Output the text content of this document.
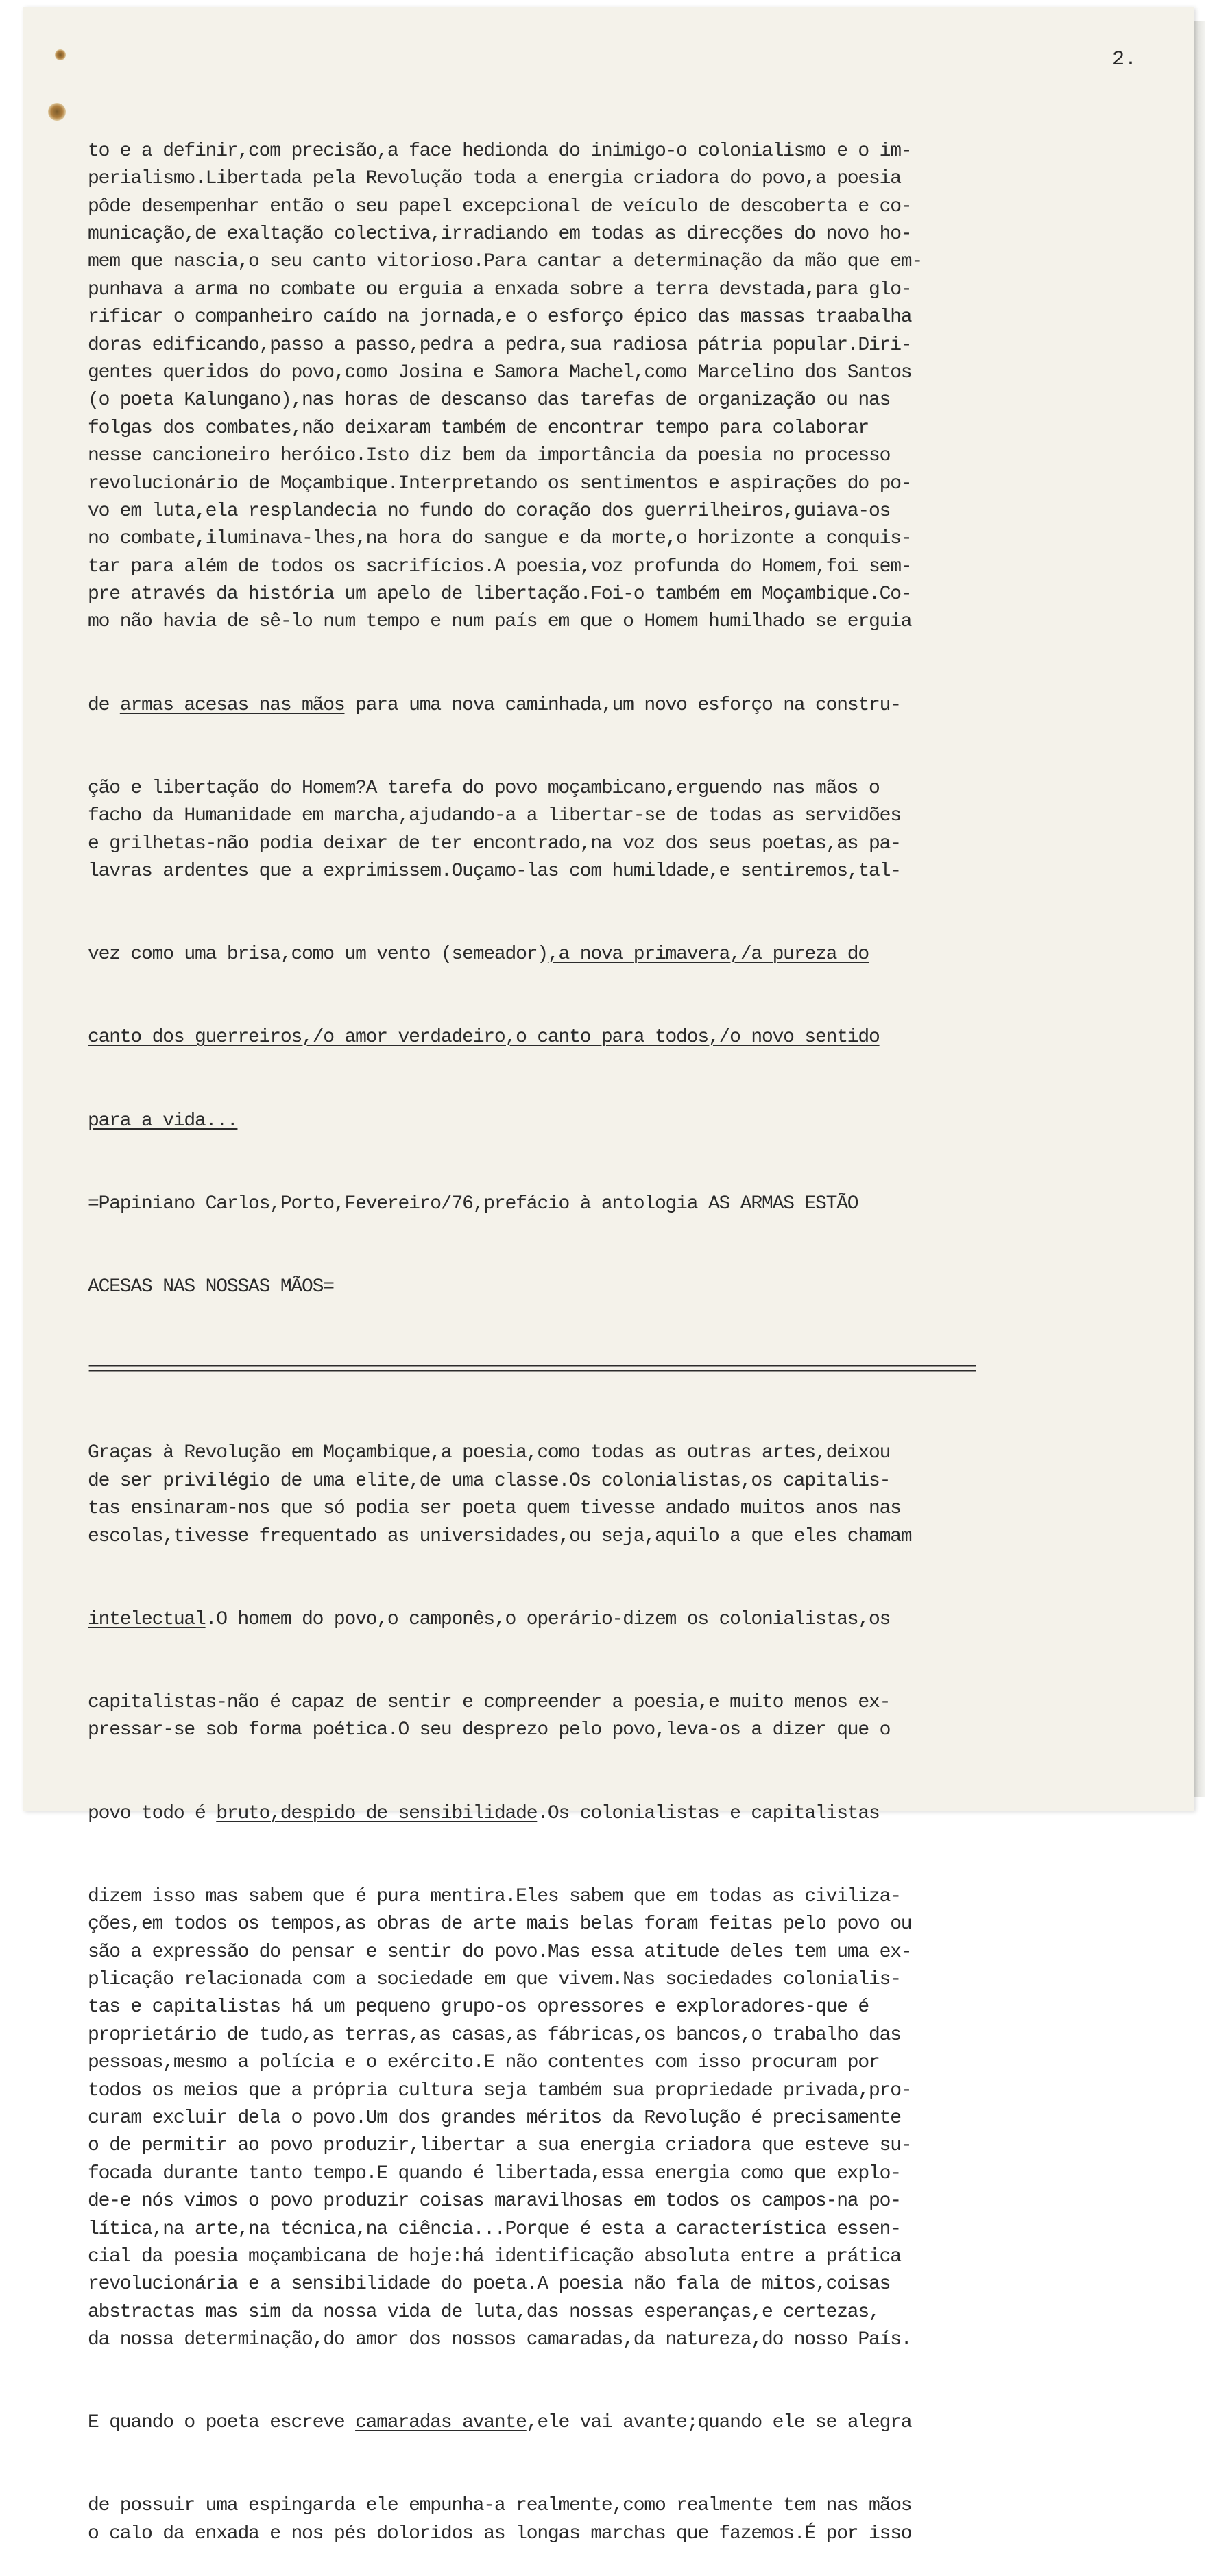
2.

to e a definir,com precisão,a face hedionda do inimigo-o colonialismo e o im-
perialismo.Libertada pela Revolução toda a energia criadora do povo,a poesia
pôde desempenhar então o seu papel excepcional de veículo de descoberta e co-
municação,de exaltação colectiva,irradiando em todas as direcções do novo ho-
mem que nascia,o seu canto vitorioso.Para cantar a determinação da mão que em-
punhava a arma no combate ou erguia a enxada sobre a terra devstada,para glo-
rificar o companheiro caído na jornada,e o esforço épico das massas traabalha
doras edificando,passo a passo,pedra a pedra,sua radiosa pátria popular.Diri-
gentes queridos do povo,como Josina e Samora Machel,como Marcelino dos Santos
(o poeta Kalungano),nas horas de descanso das tarefas de organização ou nas
folgas dos combates,não deixaram também de encontrar tempo para colaborar
nesse cancioneiro heróico.Isto diz bem da importância da poesia no processo
revolucionário de Moçambique.Interpretando os sentimentos e aspirações do po-
vo em luta,ela resplandecia no fundo do coração dos guerrilheiros,guiava-os
no combate,iluminava-lhes,na hora do sangue e da morte,o horizonte a conquis-
tar para além de todos os sacrifícios.A poesia,voz profunda do Homem,foi sem-
pre através da história um apelo de libertação.Foi-o também em Moçambique.Co-
mo não havia de sê-lo num tempo e num país em que o Homem humilhado se erguia

de armas acesas nas mãos para uma nova caminhada,um novo esforço na constru-

ção e libertação do Homem?A tarefa do povo moçambicano,erguendo nas mãos o
facho da Humanidade em marcha,ajudando-a a libertar-se de todas as servidões
e grilhetas-não podia deixar de ter encontrado,na voz dos seus poetas,as pa-
lavras ardentes que a exprimissem.Ouçamo-las com humildade,e sentiremos,tal-

vez como uma brisa,como um vento (semeador),a nova primavera,/a pureza do

canto dos guerreiros,/o amor verdadeiro,o canto para todos,/o novo sentido

para a vida...

=Papiniano Carlos,Porto,Fevereiro/76,prefácio à antologia AS ARMAS ESTÃO

ACESAS NAS NOSSAS MÃOS=

=====================================================================================================

Graças à Revolução em Moçambique,a poesia,como todas as outras artes,deixou
de ser privilégio de uma elite,de uma classe.Os colonialistas,os capitalis-
tas ensinaram-nos que só podia ser poeta quem tivesse andado muitos anos nas
escolas,tivesse frequentado as universidades,ou seja,aquilo a que eles chamam

intelectual.O homem do povo,o camponês,o operário-dizem os colonialistas,os

capitalistas-não é capaz de sentir e compreender a poesia,e muito menos ex-
pressar-se sob forma poética.O seu desprezo pelo povo,leva-os a dizer que o

povo todo é bruto,despido de sensibilidade.Os colonialistas e capitalistas

dizem isso mas sabem que é pura mentira.Eles sabem que em todas as civiliza-
ções,em todos os tempos,as obras de arte mais belas foram feitas pelo povo ou
são a expressão do pensar e sentir do povo.Mas essa atitude deles tem uma ex-
plicação relacionada com a sociedade em que vivem.Nas sociedades colonialis-
tas e capitalistas há um pequeno grupo-os opressores e exploradores-que é
proprietário de tudo,as terras,as casas,as fábricas,os bancos,o trabalho das
pessoas,mesmo a polícia e o exército.E não contentes com isso procuram por
todos os meios que a própria cultura seja também sua propriedade privada,pro-
curam excluir dela o povo.Um dos grandes méritos da Revolução é precisamente
o de permitir ao povo produzir,libertar a sua energia criadora que esteve su-
focada durante tanto tempo.E quando é libertada,essa energia como que explo-
de-e nós vimos o povo produzir coisas maravilhosas em todos os campos-na po-
lítica,na arte,na técnica,na ciência...Porque é esta a característica essen-
cial da poesia moçambicana de hoje:há identificação absoluta entre a prática
revolucionária e a sensibilidade do poeta.A poesia não fala de mitos,coisas
abstractas mas sim da nossa vida de luta,das nossas esperanças,e certezas,
da nossa determinação,do amor dos nossos camaradas,da natureza,do nosso País.

E quando o poeta escreve camaradas avante,ele vai avante;quando ele se alegra

de possuir uma espingarda ele empunha-a realmente,como realmente tem nas mãos
o calo da enxada e nos pés doloridos as longas marchas que fazemos.É por isso
